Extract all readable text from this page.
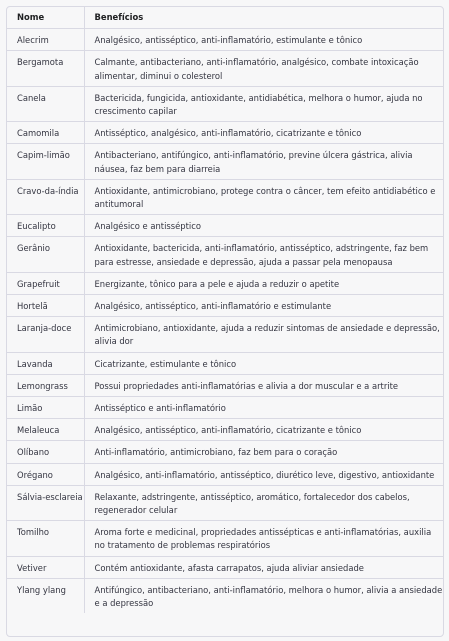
Nome	Benefícios
Alecrim	Analgésico, antisséptico, anti-inflamatório, estimulante e tônico
Bergamota	Calmante, antibacteriano, anti-inflamatório, analgésico, combate intoxicação alimentar, diminui o colesterol
Canela	Bactericida, fungicida, antioxidante, antidiabética, melhora o humor, ajuda no crescimento capilar
Camomila	Antisséptico, analgésico, anti-inflamatório, cicatrizante e tônico
Capim-limão	Antibacteriano, antifúngico, anti-inflamatório, previne úlcera gástrica, alivia náusea, faz bem para diarreia
Cravo-da-índia	Antioxidante, antimicrobiano, protege contra o câncer, tem efeito antidiabético e antitumoral
Eucalipto	Analgésico e antisséptico
Gerânio	Antioxidante, bactericida, anti-inflamatório, antisséptico, adstringente, faz bem para estresse, ansiedade e depressão, ajuda a passar pela menopausa
Grapefruit	Energizante, tônico para a pele e ajuda a reduzir o apetite
Hortelã	Analgésico, antisséptico, anti-inflamatório e estimulante
Laranja-doce	Antimicrobiano, antioxidante, ajuda a reduzir sintomas de ansiedade e depressão, alivia dor
Lavanda	Cicatrizante, estimulante e tônico
Lemongrass	Possui propriedades anti-inflamatórias e alivia a dor muscular e a artrite
Limão	Antisséptico e anti-inflamatório
Melaleuca	Analgésico, antisséptico, anti-inflamatório, cicatrizante e tônico
Olíbano	Anti-inflamatório, antimicrobiano, faz bem para o coração
Orégano	Analgésico, anti-inflamatório, antisséptico, diurético leve, digestivo, antioxidante
Sálvia-esclareia	Relaxante, adstringente, antisséptico, aromático, fortalecedor dos cabelos, regenerador celular
Tomilho	Aroma forte e medicinal, propriedades antissépticas e anti-inflamatórias, auxilia no tratamento de problemas respiratórios
Vetiver	Contém antioxidante, afasta carrapatos, ajuda aliviar ansiedade
Ylang ylang	Antifúngico, antibacteriano, anti-inflamatório, melhora o humor, alivia a ansiedade e a depressão
